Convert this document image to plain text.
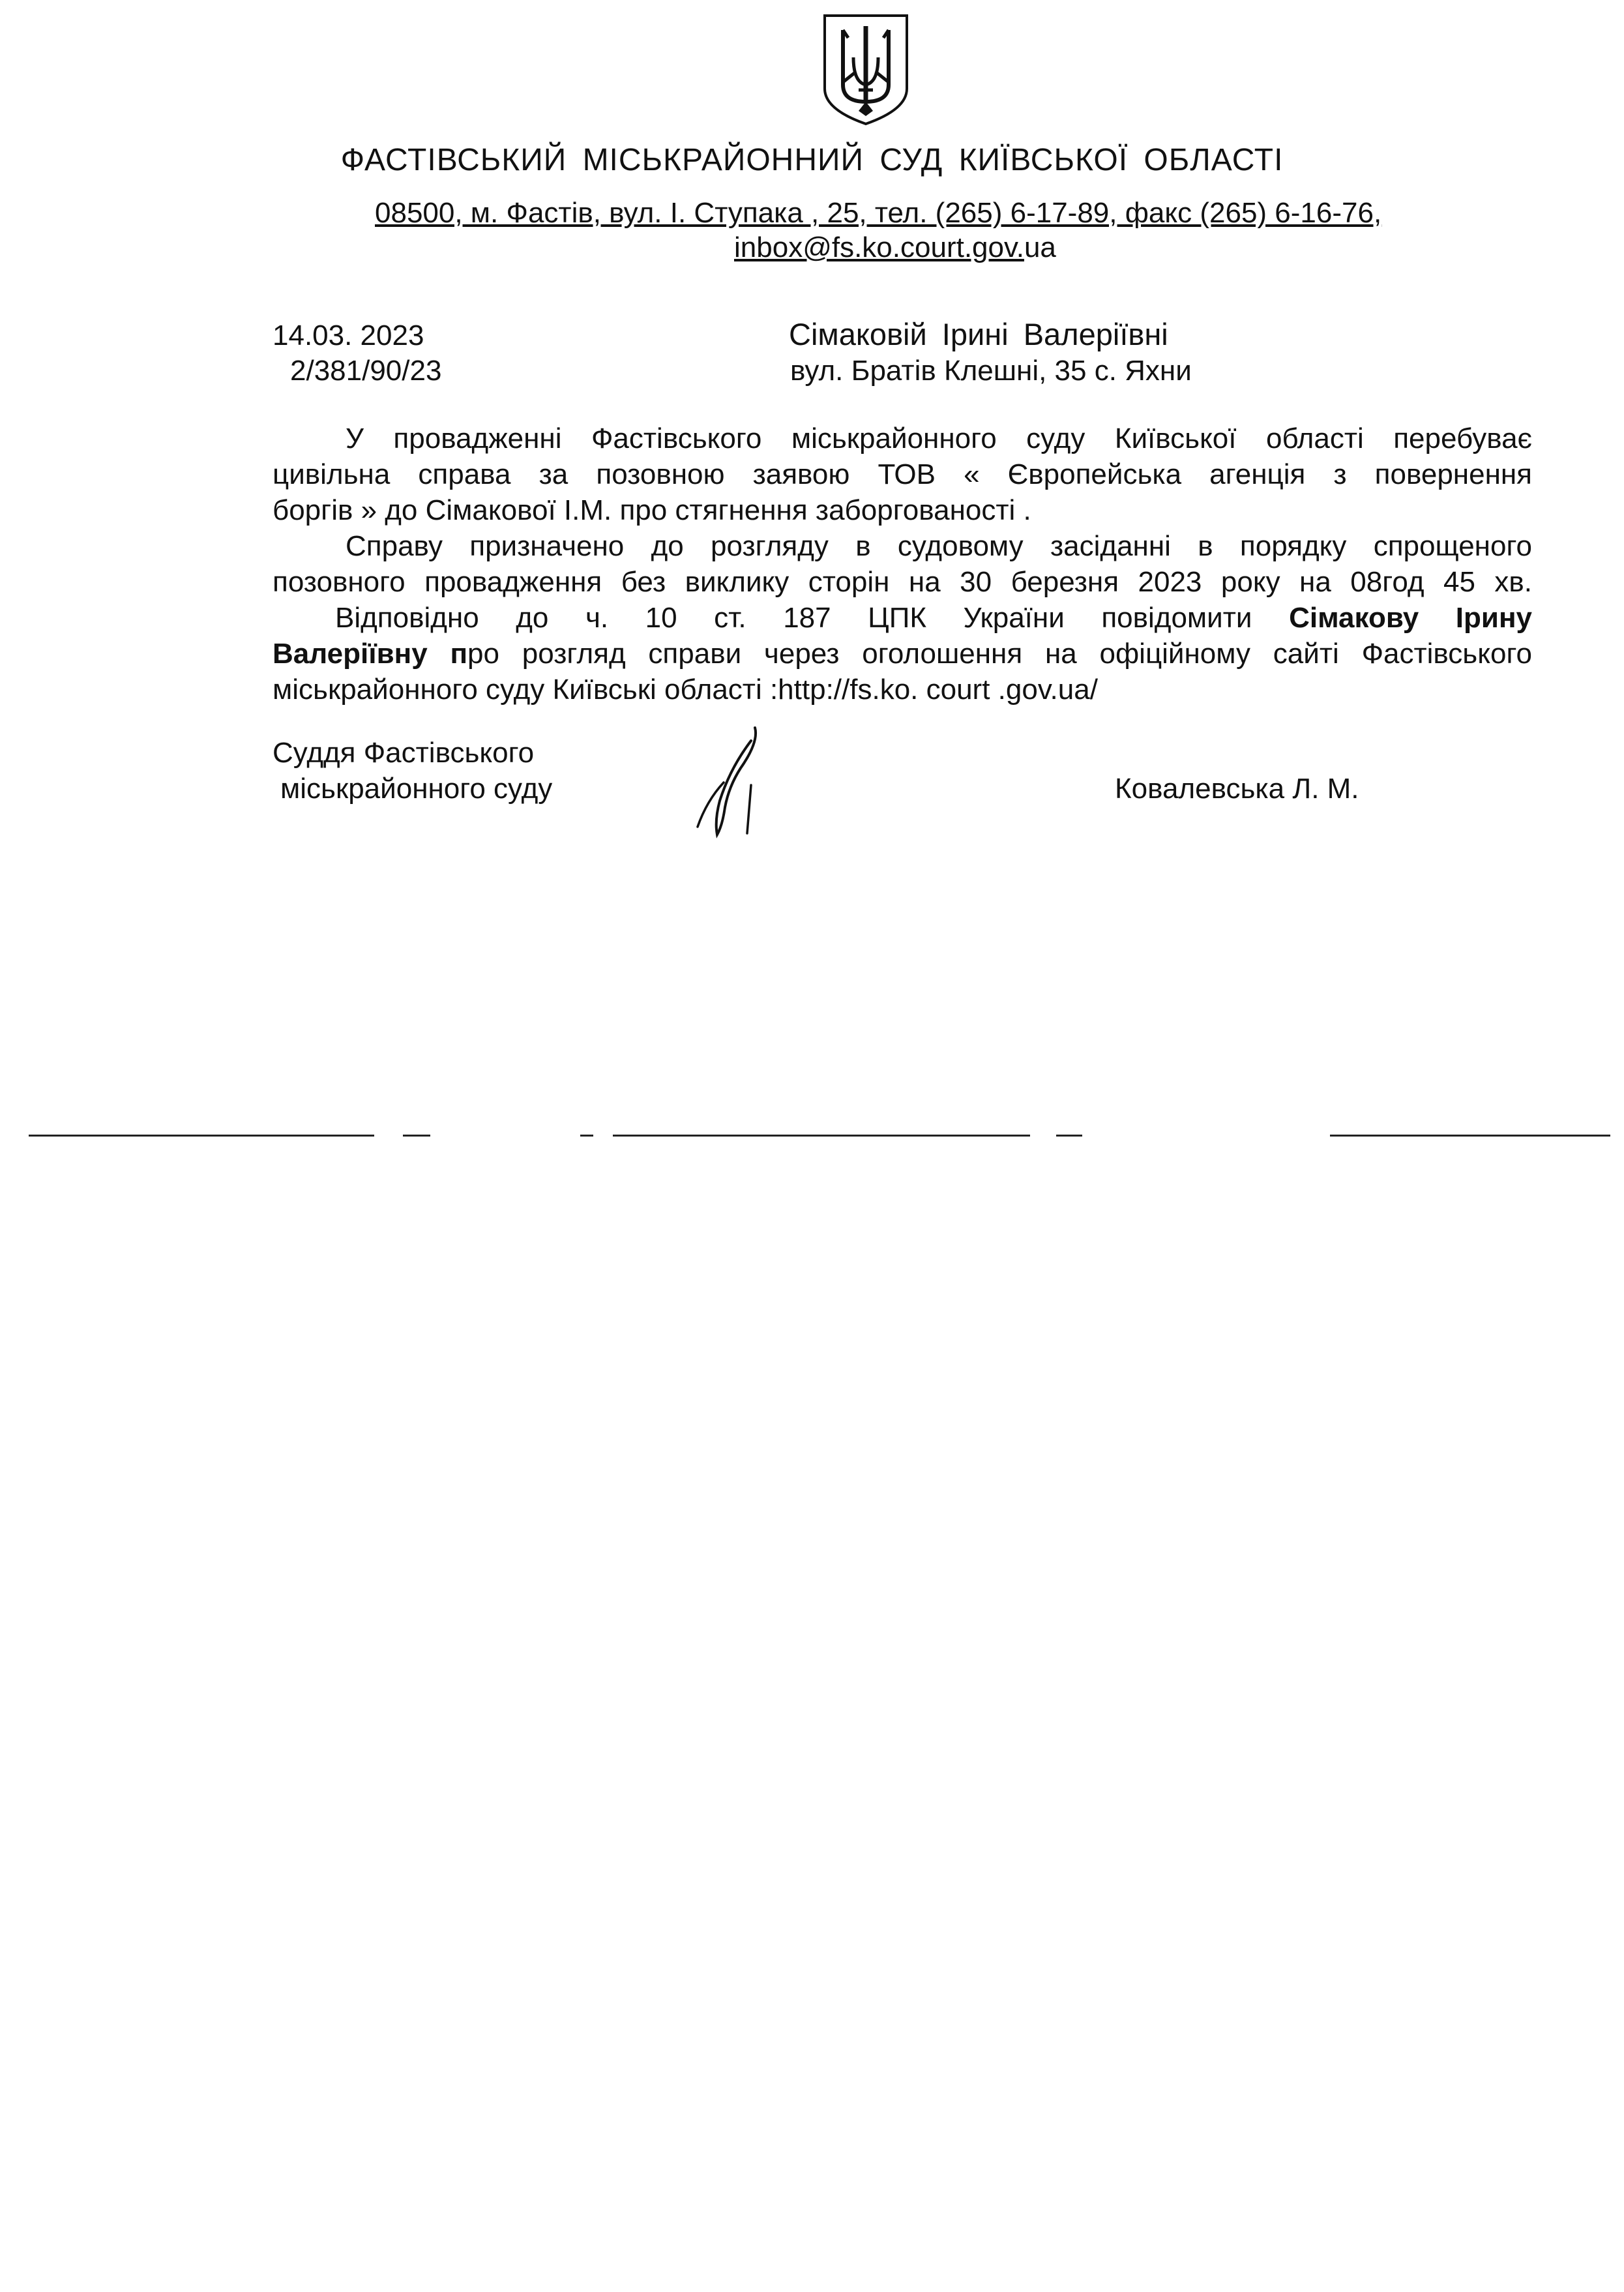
ФАСТІВСЬКИЙ МІСЬКРАЙОННИЙ СУД КИЇВСЬКОЇ ОБЛАСТІ
08500, м. Фастів, вул. І. Ступака , 25, тел. (265) 6-17-89, факс (265) 6-16-76,
inbox@fs.ko.court.gov.ua
14.03. 2023
2/381/90/23
Сімаковій Ірині Валеріївні
вул. Братів Клешні, 35 с. Яхни
У провадженні Фастівського міськрайонного суду Київської області перебуває
цивільна справа за позовною заявою ТОВ « Європейська агенція з повернення
боргів » до Сімакової І.М. про стягнення заборгованості .
Справу призначено до розгляду в судовому засіданні в порядку спрощеного
позовного провадження без виклику сторін на 30 березня 2023 року на 08год 45 хв.
Відповідно до ч. 10 ст. 187 ЦПК України повідомити Сімакову Ірину
Валеріївну про розгляд справи через оголошення на офіційному сайті Фастівського
міськрайонного суду Київські області :http://fs.ko. court .gov.ua/
Суддя Фастівського
міськрайонного суду	Ковалевська Л. М.
